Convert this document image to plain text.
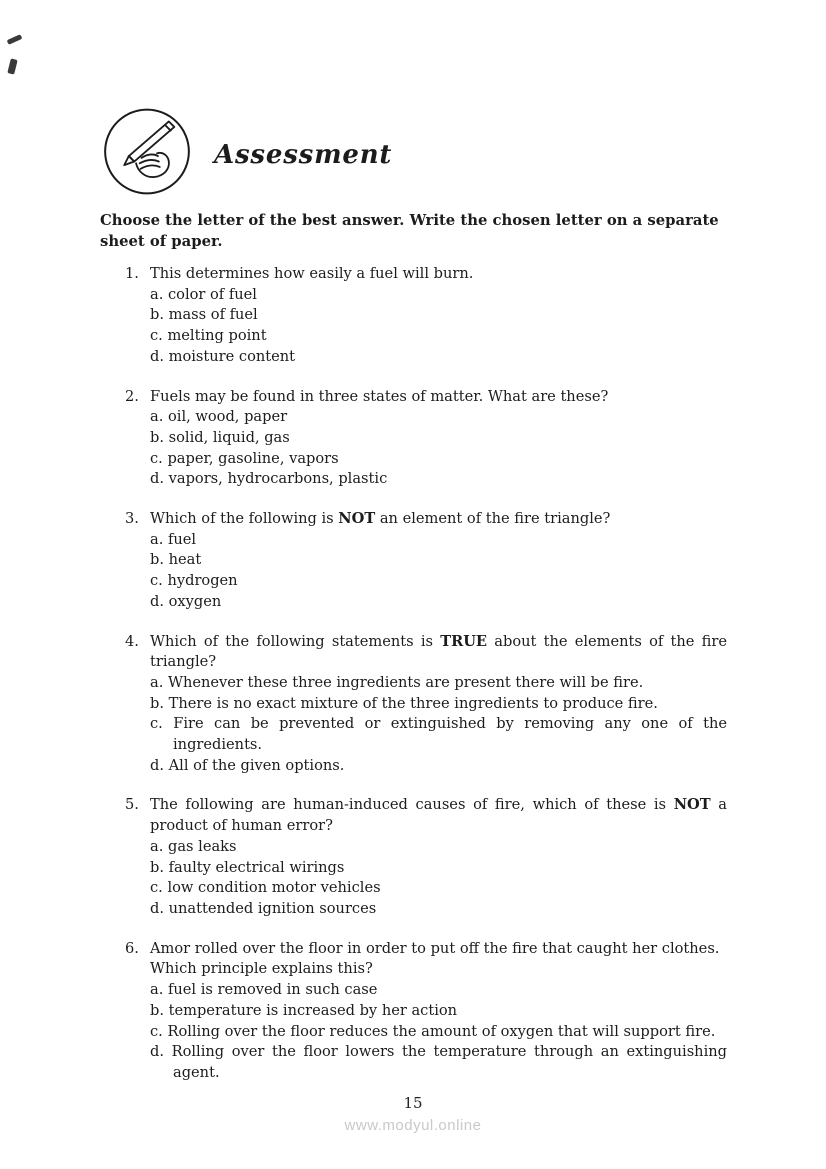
Assessment

Choose the letter of the best answer. Write the chosen letter on a separate sheet of paper.

1. This determines how easily a fuel will burn.
a. color of fuel
b. mass of fuel
c. melting point
d. moisture content
2. Fuels may be found in three states of matter. What are these?
a. oil, wood, paper
b. solid, liquid, gas
c. paper, gasoline, vapors
d. vapors, hydrocarbons, plastic
3. Which of the following is NOT an element of the fire triangle?
a. fuel
b. heat
c. hydrogen
d. oxygen
4. Which of the following statements is TRUE about the elements of the fire triangle?
a. Whenever these three ingredients are present there will be fire.
b. There is no exact mixture of the three ingredients to produce fire.
c. Fire can be prevented or extinguished by removing any one of the ingredients.
d. All of the given options.
5. The following are human-induced causes of fire, which of these is NOT a product of human error?
a. gas leaks
b. faulty electrical wirings
c. low condition motor vehicles
d. unattended ignition sources
6. Amor rolled over the floor in order to put off the fire that caught her clothes. Which principle explains this?
a. fuel is removed in such case
b. temperature is increased by her action
c. Rolling over the floor reduces the amount of oxygen that will support fire.
d. Rolling over the floor lowers the temperature through an extinguishing agent.
15
www.modyul.online
